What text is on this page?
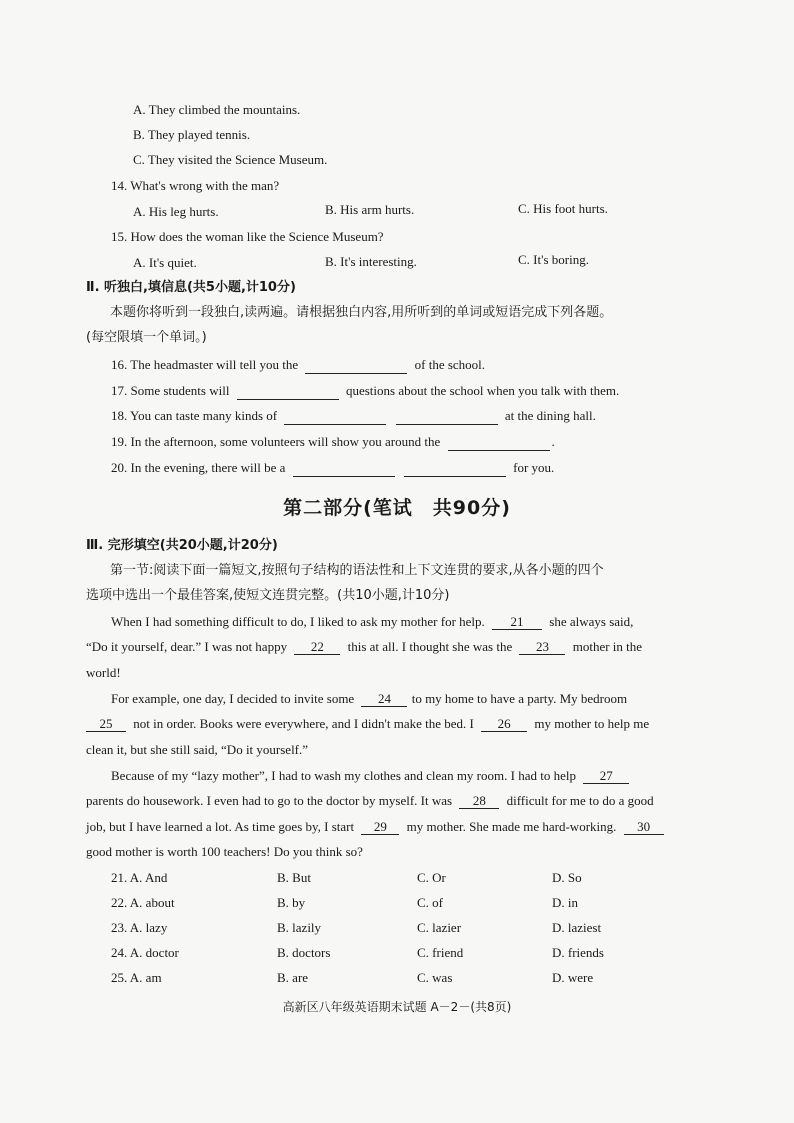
A. They climbed the mountains.
B. They played tennis.
C. They visited the Science Museum.
14. What's wrong with the man?
A. His leg hurts.	B. His arm hurts.	C. His foot hurts.
15. How does the woman like the Science Museum?
A. It's quiet.	B. It's interesting.	C. It's boring.
Ⅱ. 听独白,填信息(共5小题,计10分)
本题你将听到一段独白,读两遍。请根据独白内容,用所听到的单词或短语完成下列各题。
(每空限填一个单词。)
16. The headmaster will tell you the	of the school.
17. Some students will	questions about the school when you talk with them.
18. You can taste many kinds of	at the dining hall.
19. In the afternoon, some volunteers will show you around the	.
20. In the evening, there will be a	for you.
第二部分(笔试　共90分)
Ⅲ. 完形填空(共20小题,计20分)
第一节:阅读下面一篇短文,按照句子结构的语法性和上下文连贯的要求,从各小题的四个
选项中选出一个最佳答案,使短文连贯完整。(共10小题,计10分)
When I had something difficult to do, I liked to ask my mother for help. 21 she always said,
“Do it yourself, dear.” I was not happy 22 this at all. I thought she was the 23 mother in the
world!
For example, one day, I decided to invite some 24 to my home to have a party. My bedroom
25 not in order. Books were everywhere, and I didn't make the bed. I 26 my mother to help me
clean it, but she still said, “Do it yourself.”
Because of my “lazy mother”, I had to wash my clothes and clean my room. I had to help 27
parents do housework. I even had to go to the doctor by myself. It was 28 difficult for me to do a good
job, but I have learned a lot. As time goes by, I start 29 my mother. She made me hard-working. 30
good mother is worth 100 teachers! Do you think so?
21. A. And	B. But	C. Or	D. So
22. A. about	B. by	C. of	D. in
23. A. lazy	B. lazily	C. lazier	D. laziest
24. A. doctor	B. doctors	C. friend	D. friends
25. A. am	B. are	C. was	D. were
高新区八年级英语期末试题 A－2－(共8页)
